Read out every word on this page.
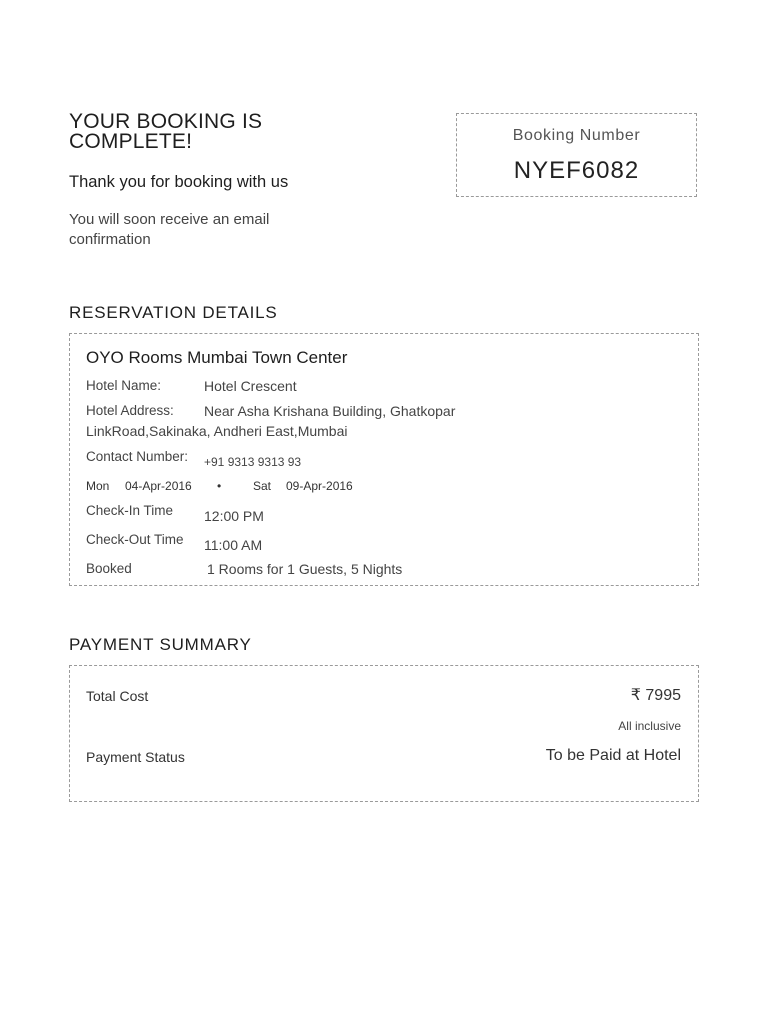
YOUR BOOKING IS
COMPLETE!
Thank you for booking with us
You will soon receive an email confirmation
Booking Number
NYEF6082
RESERVATION DETAILS
OYO Rooms Mumbai Town Center
Hotel Name:	Hotel Crescent
Hotel Address: Near Asha Krishana Building, Ghatkopar
LinkRoad,Sakinaka, Andheri East,Mumbai
Contact Number: +91 9313 9313 93
Mon 04-Apr-2016 •	Sat 09-Apr-2016
Check-In Time 12:00 PM
Check-Out Time 11:00 AM
Booked	1 Rooms for 1 Guests, 5 Nights
PAYMENT SUMMARY
Total Cost	₹ 7995
All inclusive
Payment Status	To be Paid at Hotel
